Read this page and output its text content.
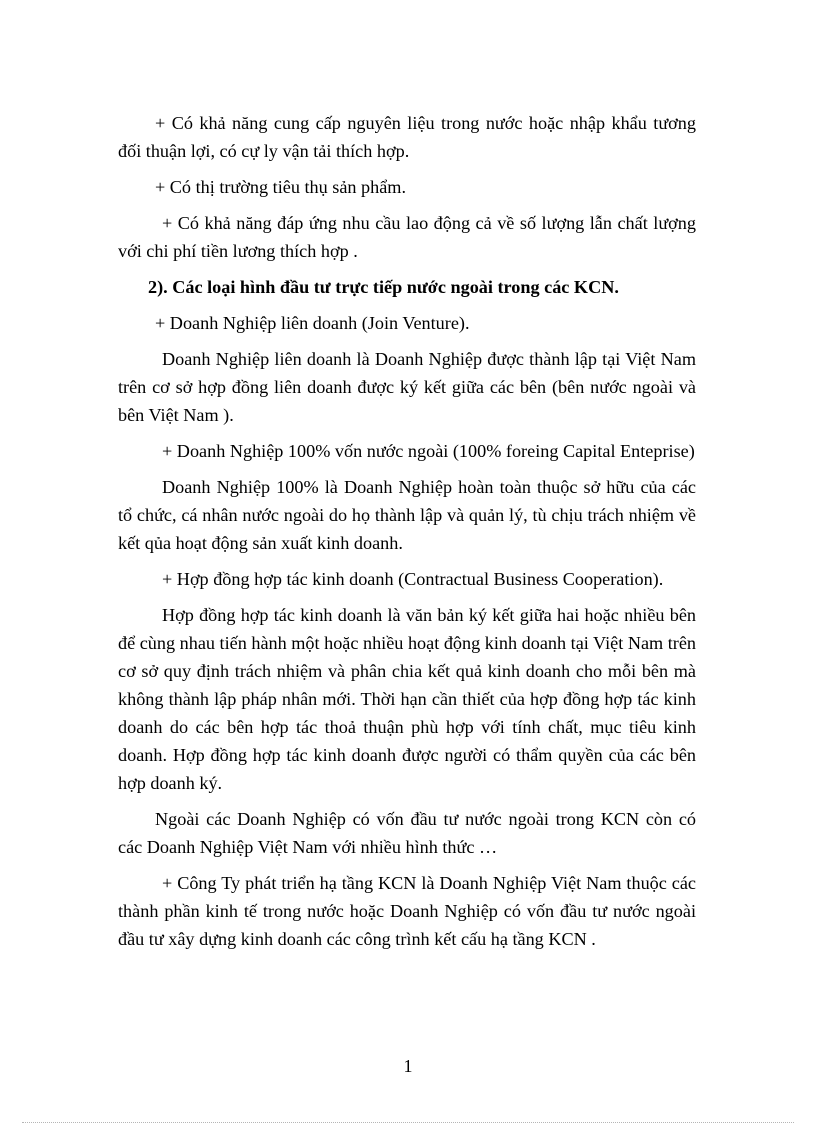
+ Có khả năng cung cấp nguyên liệu trong nước hoặc nhập khẩu tương đối thuận lợi, có cự ly vận tải thích hợp.

+ Có thị trường tiêu thụ sản phẩm.

+ Có khả năng đáp ứng nhu cầu lao động cả về số lượng lẫn chất lượng với chi phí tiền lương thích hợp .

2). Các loại hình đầu tư trực tiếp nước ngoài trong các KCN.

+ Doanh Nghiệp liên doanh (Join Venture).

Doanh Nghiệp liên doanh là Doanh Nghiệp được thành lập tại Việt Nam trên cơ sở hợp đồng liên doanh được ký kết giữa các bên (bên nước ngoài và bên Việt Nam ).

+ Doanh Nghiệp 100% vốn nước ngoài (100% foreing Capital Enteprise)

Doanh Nghiệp 100% là Doanh Nghiệp hoàn toàn thuộc sở hữu của các tổ chức, cá nhân nước ngoài do họ thành lập và quản lý, tù chịu trách nhiệm về kết qủa hoạt động sản xuất kinh doanh.

+ Hợp đồng hợp tác kinh doanh (Contractual Business Cooperation).

Hợp đồng hợp tác kinh doanh là văn bản ký kết giữa hai hoặc nhiều bên để cùng nhau tiến hành một hoặc nhiều hoạt động kinh doanh tại Việt Nam trên cơ sở quy định trách nhiệm và phân chia kết quả kinh doanh cho mỗi bên mà không thành lập pháp nhân mới. Thời hạn cần thiết của hợp đồng hợp tác kinh doanh do các bên hợp tác thoả thuận phù hợp với tính chất, mục tiêu kinh doanh. Hợp đồng hợp tác kinh doanh được người có thẩm quyền của các bên hợp doanh ký.

Ngoài các Doanh Nghiệp có vốn đầu tư nước ngoài trong KCN còn có các Doanh Nghiệp Việt Nam với nhiều hình thức …

+ Công Ty phát triển hạ tầng KCN là Doanh Nghiệp Việt Nam thuộc các thành phần kinh tế trong nước hoặc Doanh Nghiệp có vốn đầu tư nước ngoài đầu tư xây dựng kinh doanh các công trình kết cấu hạ tầng KCN .

1
